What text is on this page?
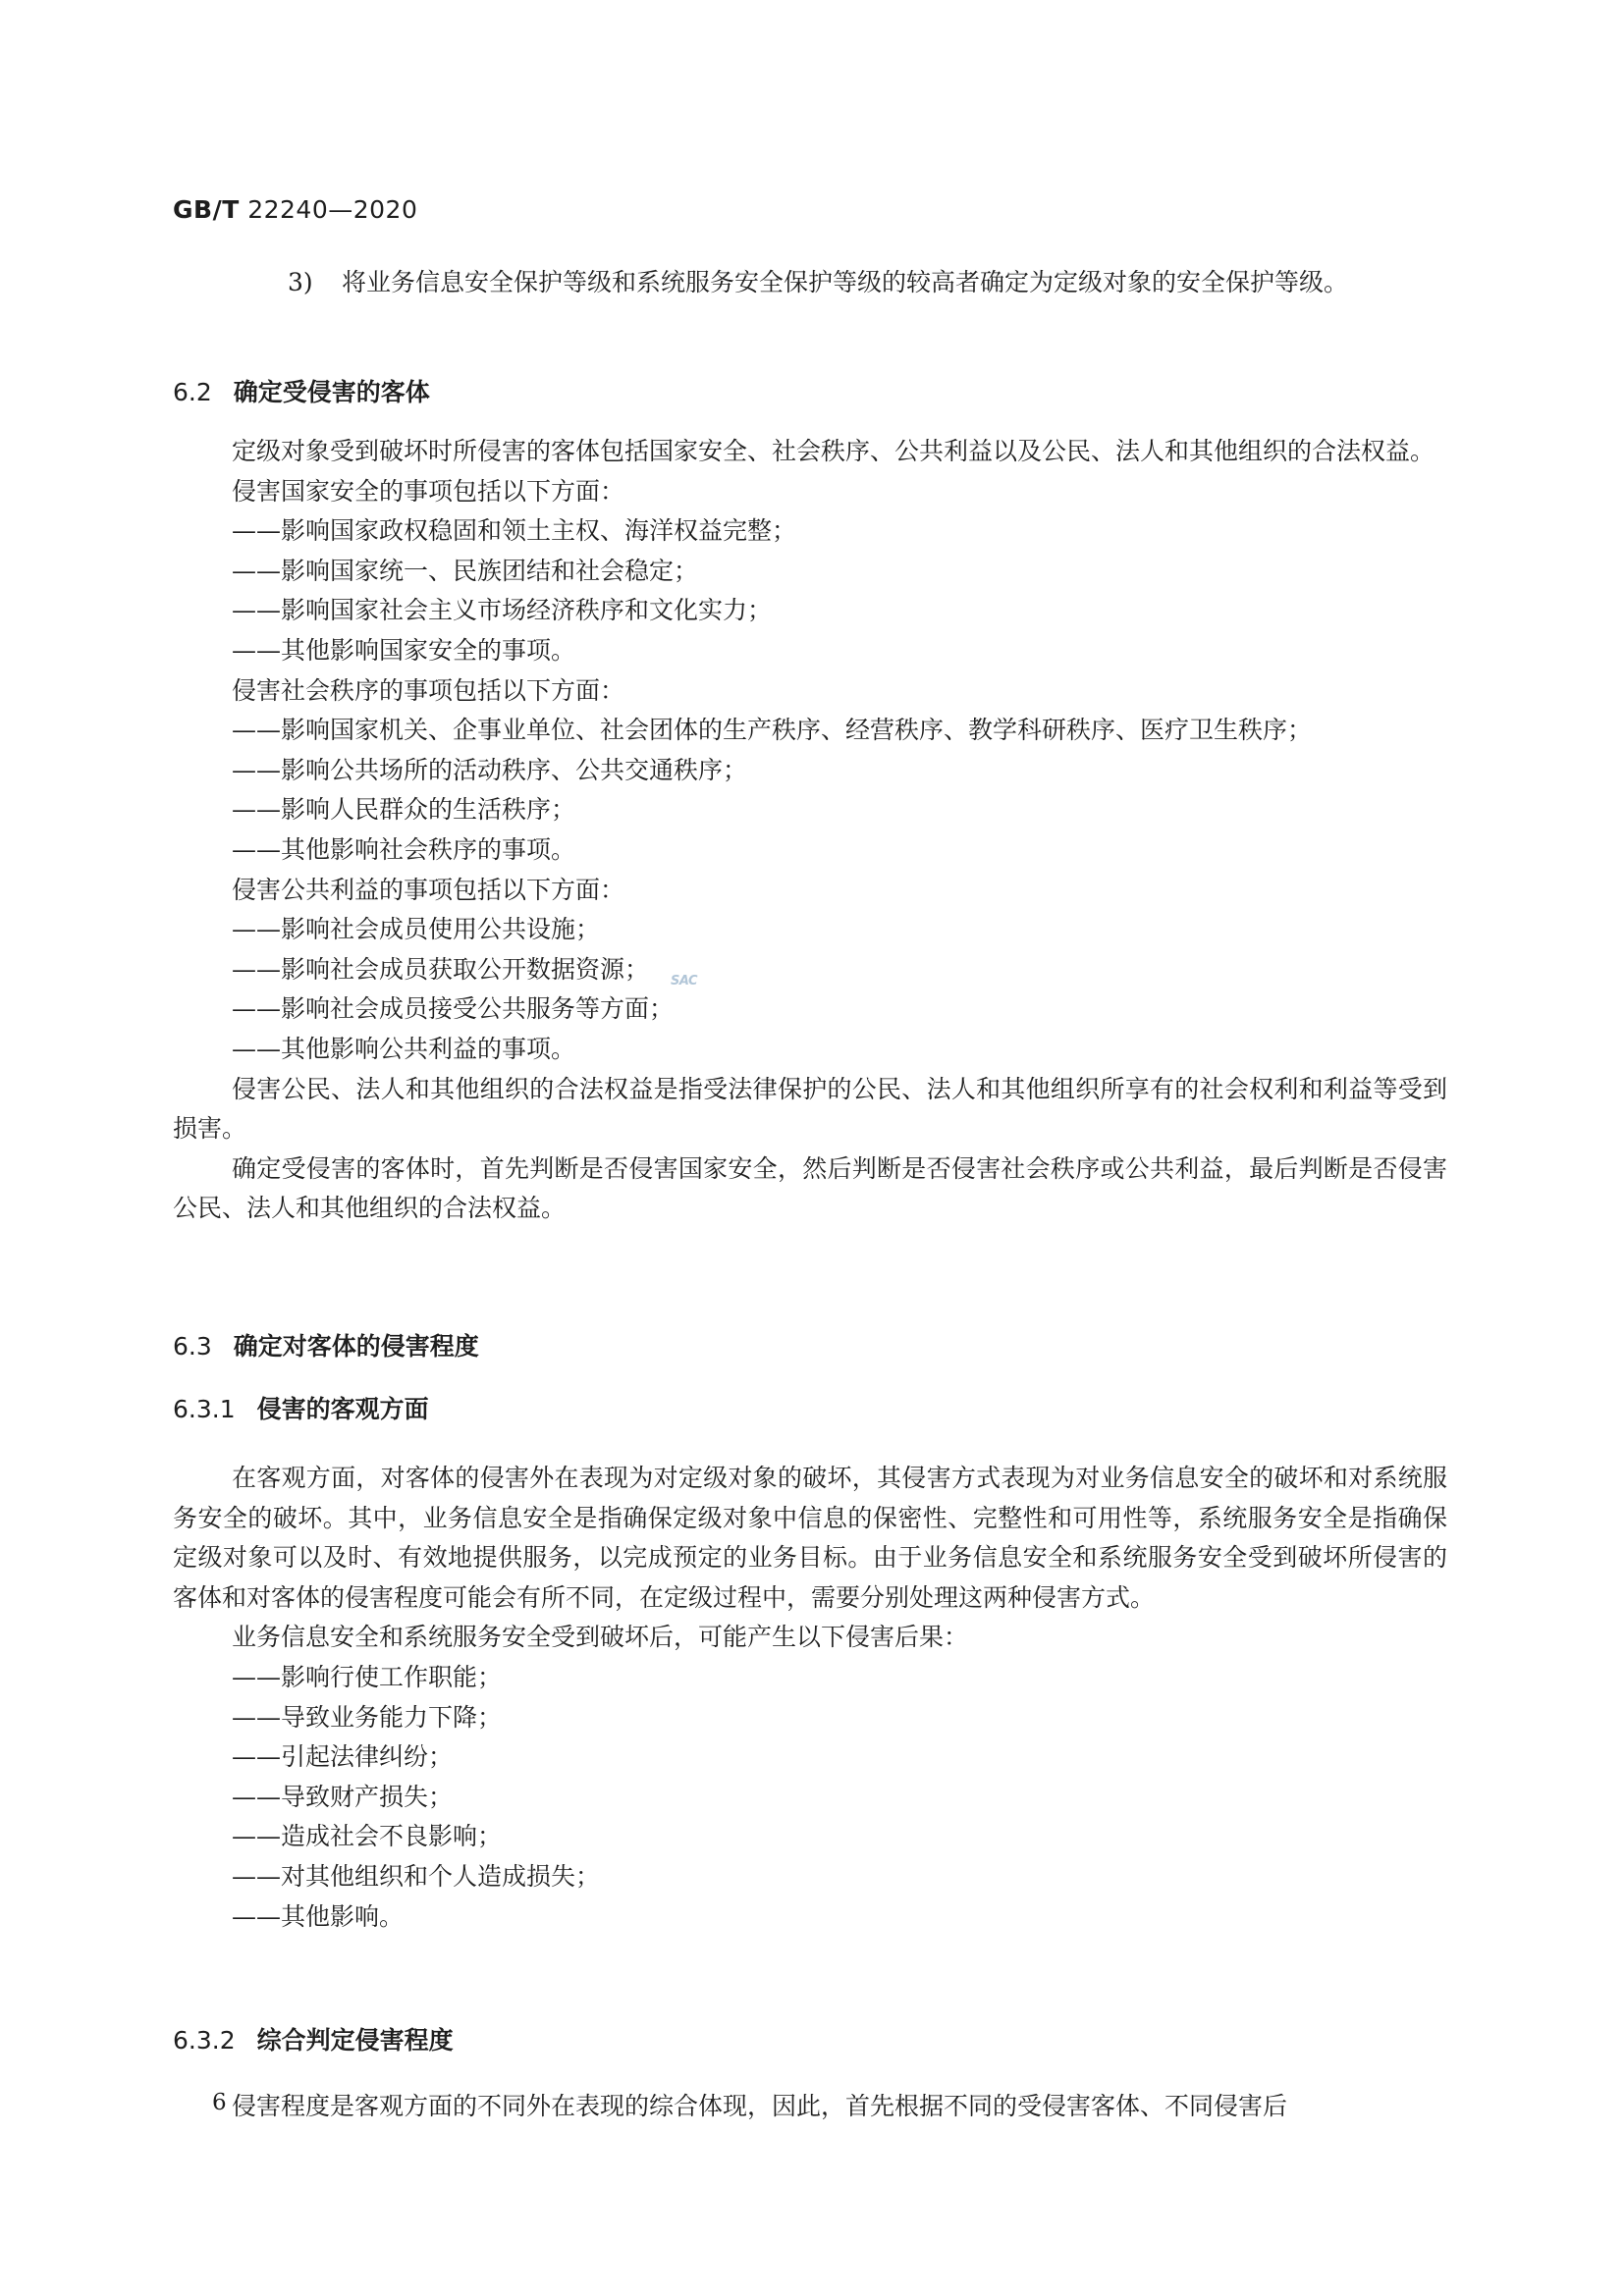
GB/T 22240—2020
3) 将业务信息安全保护等级和系统服务安全保护等级的较高者确定为定级对象的安全保护等级。
6.2 确定受侵害的客体

定级对象受到破坏时所侵害的客体包括国家安全、社会秩序、公共利益以及公民、法人和其他组织的合法权益。

侵害国家安全的事项包括以下方面：

——影响国家政权稳固和领土主权、海洋权益完整；

——影响国家统一、民族团结和社会稳定；

——影响国家社会主义市场经济秩序和文化实力；

——其他影响国家安全的事项。

侵害社会秩序的事项包括以下方面：

——影响国家机关、企事业单位、社会团体的生产秩序、经营秩序、教学科研秩序、医疗卫生秩序；

——影响公共场所的活动秩序、公共交通秩序；

——影响人民群众的生活秩序；

——其他影响社会秩序的事项。

侵害公共利益的事项包括以下方面：

——影响社会成员使用公共设施；

——影响社会成员获取公开数据资源；

——影响社会成员接受公共服务等方面；

——其他影响公共利益的事项。

侵害公民、法人和其他组织的合法权益是指受法律保护的公民、法人和其他组织所享有的社会权利和利益等受到损害。

确定受侵害的客体时，首先判断是否侵害国家安全，然后判断是否侵害社会秩序或公共利益，最后判断是否侵害公民、法人和其他组织的合法权益。

6.3 确定对客体的侵害程度
6.3.1 侵害的客观方面

在客观方面，对客体的侵害外在表现为对定级对象的破坏，其侵害方式表现为对业务信息安全的破坏和对系统服务安全的破坏。其中，业务信息安全是指确保定级对象中信息的保密性、完整性和可用性等，系统服务安全是指确保定级对象可以及时、有效地提供服务，以完成预定的业务目标。由于业务信息安全和系统服务安全受到破坏所侵害的客体和对客体的侵害程度可能会有所不同，在定级过程中，需要分别处理这两种侵害方式。

业务信息安全和系统服务安全受到破坏后，可能产生以下侵害后果：

——影响行使工作职能；

——导致业务能力下降；

——引起法律纠纷；

——导致财产损失；

——造成社会不良影响；

——对其他组织和个人造成损失；

——其他影响。

6.3.2 综合判定侵害程度

侵害程度是客观方面的不同外在表现的综合体现，因此，首先根据不同的受侵害客体、不同侵害后

SAC
6
